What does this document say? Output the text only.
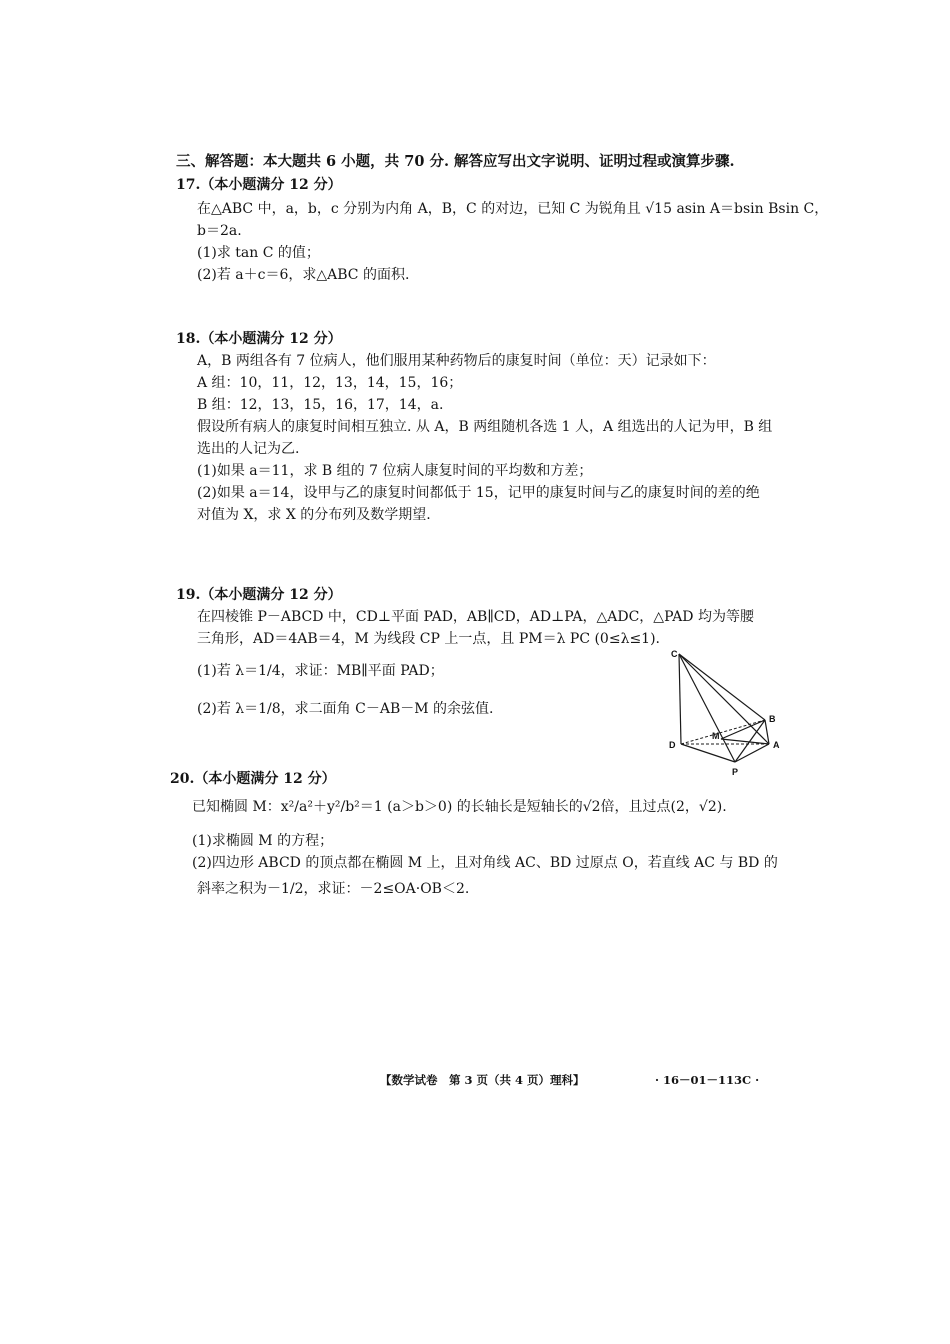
三、解答题：本大题共 6 小题，共 70 分. 解答应写出文字说明、证明过程或演算步骤.
17.（本小题满分 12 分）
在△ABC 中，a，b，c 分别为内角 A，B，C 的对边，已知 C 为锐角且 √15 asin A＝bsin Bsin C，
b＝2a.
(1)求 tan C 的值；
(2)若 a＋c＝6，求△ABC 的面积.
18.（本小题满分 12 分）
A，B 两组各有 7 位病人，他们服用某种药物后的康复时间（单位：天）记录如下：
A 组：10，11，12，13，14，15，16；
B 组：12，13，15，16，17，14，a.
假设所有病人的康复时间相互独立. 从 A，B 两组随机各选 1 人，A 组选出的人记为甲，B 组
选出的人记为乙.
(1)如果 a＝11，求 B 组的 7 位病人康复时间的平均数和方差；
(2)如果 a＝14，设甲与乙的康复时间都低于 15，记甲的康复时间与乙的康复时间的差的绝
对值为 X，求 X 的分布列及数学期望.
19.（本小题满分 12 分）
在四棱锥 P－ABCD 中，CD⊥平面 PAD，AB∥CD，AD⊥PA，△ADC，△PAD 均为等腰
三角形，AD＝4AB＝4，M 为线段 CP 上一点，且 PM＝λ PC (0≤λ≤1).
(1)若 λ＝1/4，求证：MB∥平面 PAD；
(2)若 λ＝1/8，求二面角 C－AB－M 的余弦值.
C
B
M
D	A
P
20.（本小题满分 12 分）
已知椭圆 M：x²/a²＋y²/b²＝1 (a＞b＞0) 的长轴长是短轴长的√2倍，且过点(2，√2).
(1)求椭圆 M 的方程；
(2)四边形 ABCD 的顶点都在椭圆 M 上，且对角线 AC、BD 过原点 O，若直线 AC 与 BD 的
斜率之积为－1/2，求证：－2≤OA·OB＜2.
【数学试卷　第 3 页（共 4 页）理科】	· 16－01－113C ·
